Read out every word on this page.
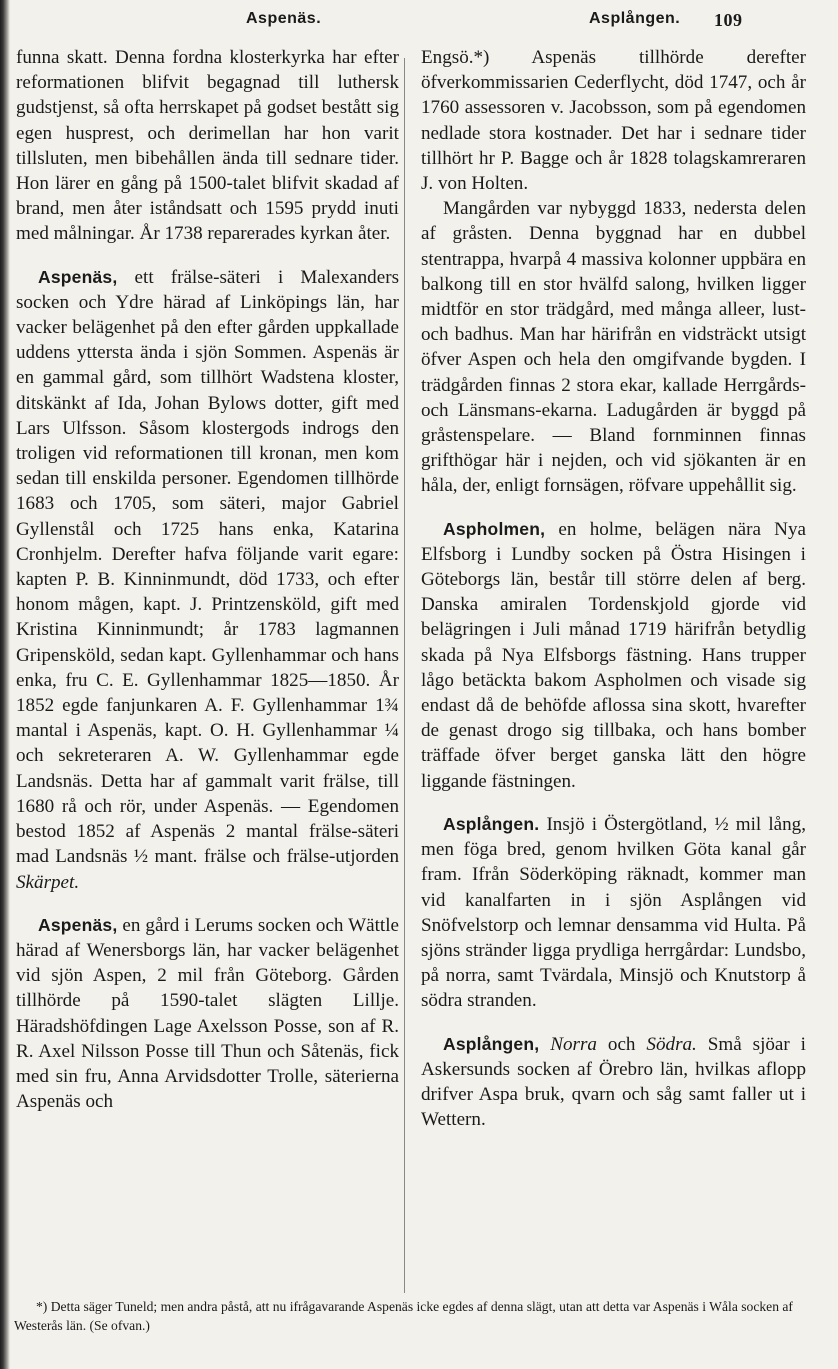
Aspenäs.	Asplången. 109

funna skatt. Denna fordna klosterkyrka har efter reformationen blifvit begagnad till luthersk gudstjenst, så ofta herrskapet på godset bestått sig egen husprest, och derimellan har hon varit tillsluten, men bibehållen ända till sednare tider. Hon lärer en gång på 1500-talet blifvit skadad af brand, men åter iståndsatt och 1595 prydd inuti med målningar. År 1738 reparerades kyrkan åter.

Aspenäs, ett frälse-säteri i Malexanders socken och Ydre härad af Linköpings län, har vacker belägenhet på den efter gården uppkallade uddens yttersta ända i sjön Sommen. Aspenäs är en gammal gård, som tillhört Wadstena kloster, ditskänkt af Ida, Johan Bylows dotter, gift med Lars Ulfsson. Såsom klostergods indrogs den troligen vid reformationen till kronan, men kom sedan till enskilda personer. Egendomen tillhörde 1683 och 1705, som säteri, major Gabriel Gyllenstål och 1725 hans enka, Katarina Cronhjelm. Derefter hafva följande varit egare: kapten P. B. Kinninmundt, död 1733, och efter honom mågen, kapt. J. Printzensköld, gift med Kristina Kinninmundt; år 1783 lagmannen Gripensköld, sedan kapt. Gyllenhammar och hans enka, fru C. E. Gyllenhammar 1825—1850. År 1852 egde fanjunkaren A. F. Gyllenhammar 1¾ mantal i Aspenäs, kapt. O. H. Gyllenhammar ¼ och sekreteraren A. W. Gyllenhammar egde Landsnäs. Detta har af gammalt varit frälse, till 1680 rå och rör, under Aspenäs. — Egendomen bestod 1852 af Aspenäs 2 mantal frälse-säteri mad Landsnäs ½ mant. frälse och frälse-utjorden Skärpet.

Aspenäs, en gård i Lerums socken och Wättle härad af Wenersborgs län, har vacker belägenhet vid sjön Aspen, 2 mil från Göteborg. Gården tillhörde på 1590-talet slägten Lillje. Häradshöfdingen Lage Axelsson Posse, son af R. R. Axel Nilsson Posse till Thun och Såtenäs, fick med sin fru, Anna Arvidsdotter Trolle, säterierna Aspenäs och

Engsö.*) Aspenäs tillhörde derefter öfverkommissarien Cederflycht, död 1747, och år 1760 assessoren v. Jacobsson, som på egendomen nedlade stora kostnader. Det har i sednare tider tillhört hr P. Bagge och år 1828 tolagskamreraren J. von Holten.

Mangården var nybyggd 1833, nedersta delen af gråsten. Denna byggnad har en dubbel stentrappa, hvarpå 4 massiva kolonner uppbära en balkong till en stor hvälfd salong, hvilken ligger midtför en stor trädgård, med många alleer, lust- och badhus. Man har härifrån en vidsträckt utsigt öfver Aspen och hela den omgifvande bygden. I trädgården finnas 2 stora ekar, kallade Herrgårds- och Länsmans-ekarna. Ladugården är byggd på gråstenspelare. — Bland fornminnen finnas grifthögar här i nejden, och vid sjökanten är en håla, der, enligt fornsägen, röfvare uppehållit sig.

Aspholmen, en holme, belägen nära Nya Elfsborg i Lundby socken på Östra Hisingen i Göteborgs län, består till större delen af berg. Danska amiralen Tordenskjold gjorde vid belägringen i Juli månad 1719 härifrån betydlig skada på Nya Elfsborgs fästning. Hans trupper lågo betäckta bakom Aspholmen och visade sig endast då de behöfde aflossa sina skott, hvarefter de genast drogo sig tillbaka, och hans bomber träffade öfver berget ganska lätt den högre liggande fästningen.

Asplången. Insjö i Östergötland, ½ mil lång, men föga bred, genom hvilken Göta kanal går fram. Ifrån Söderköping räknadt, kommer man vid kanalfarten in i sjön Asplången vid Snöfvelstorp och lemnar densamma vid Hulta. På sjöns stränder ligga prydliga herrgårdar: Lundsbo, på norra, samt Tvärdala, Minsjö och Knutstorp å södra stranden.

Asplången, Norra och Södra. Små sjöar i Askersunds socken af Örebro län, hvilkas aflopp drifver Aspa bruk, qvarn och såg samt faller ut i Wettern.

*) Detta säger Tuneld; men andra påstå, att nu ifrågavarande Aspenäs icke egdes af denna slägt, utan att detta var Aspenäs i Wåla socken af Westerås län. (Se ofvan.)
